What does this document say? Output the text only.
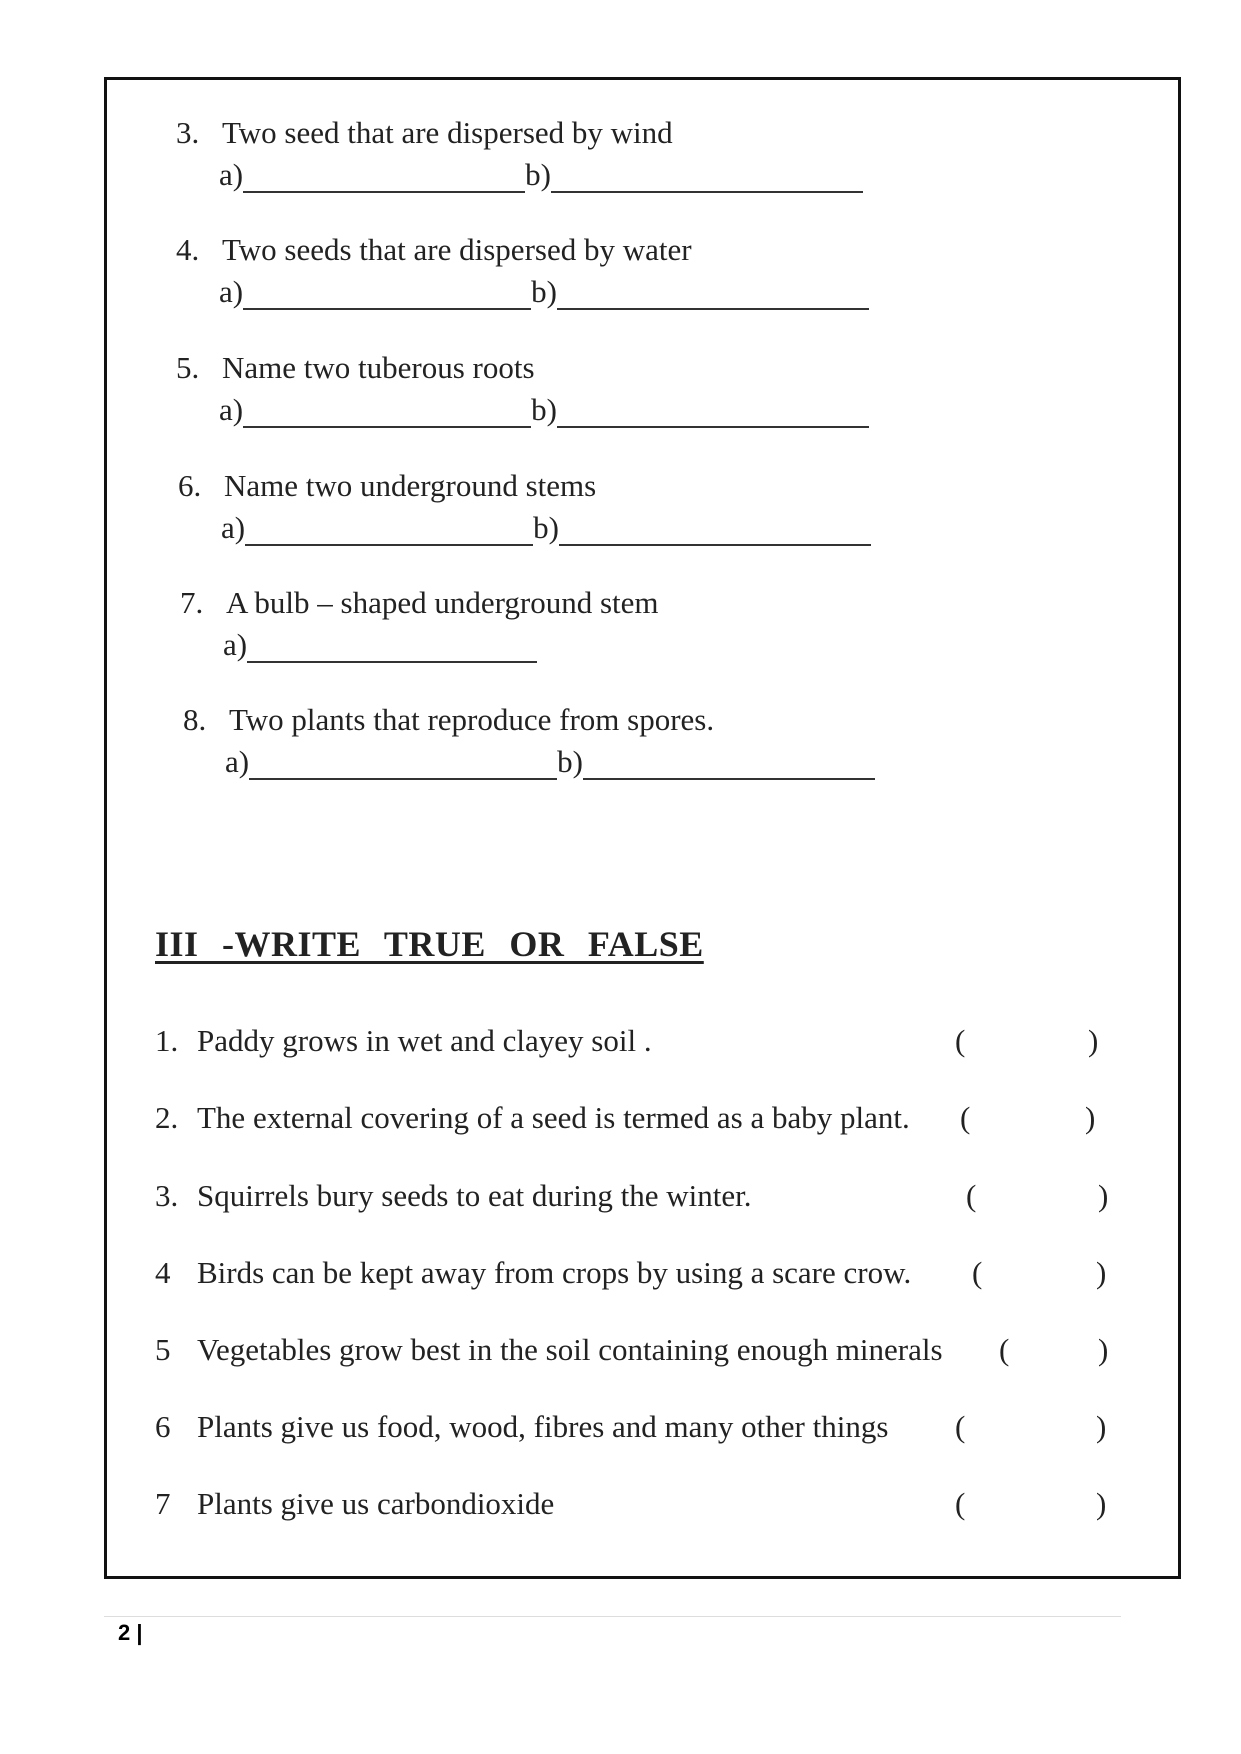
3. Two seed that are dispersed by wind
a)	b)
4. Two seeds that are dispersed by water
a)	b)
5. Name two tuberous roots
a)	b)
6. Name two underground stems
a)	b)
7. A bulb – shaped underground stem
a)
8. Two plants that reproduce from spores.
a)	b)
III -WRITE TRUE OR FALSE
1. Paddy grows in wet and clayey soil .	(	)
2. The external covering of a seed is termed as a baby plant. (	)
3. Squirrels bury seeds to eat during the winter.	(	)
4 Birds can be kept away from crops by using a scare crow. (	)
5 Vegetables grow best in the soil containing enough minerals (	)
6 Plants give us food, wood, fibres and many other things (	)
7 Plants give us carbondioxide	(	)
2 |
